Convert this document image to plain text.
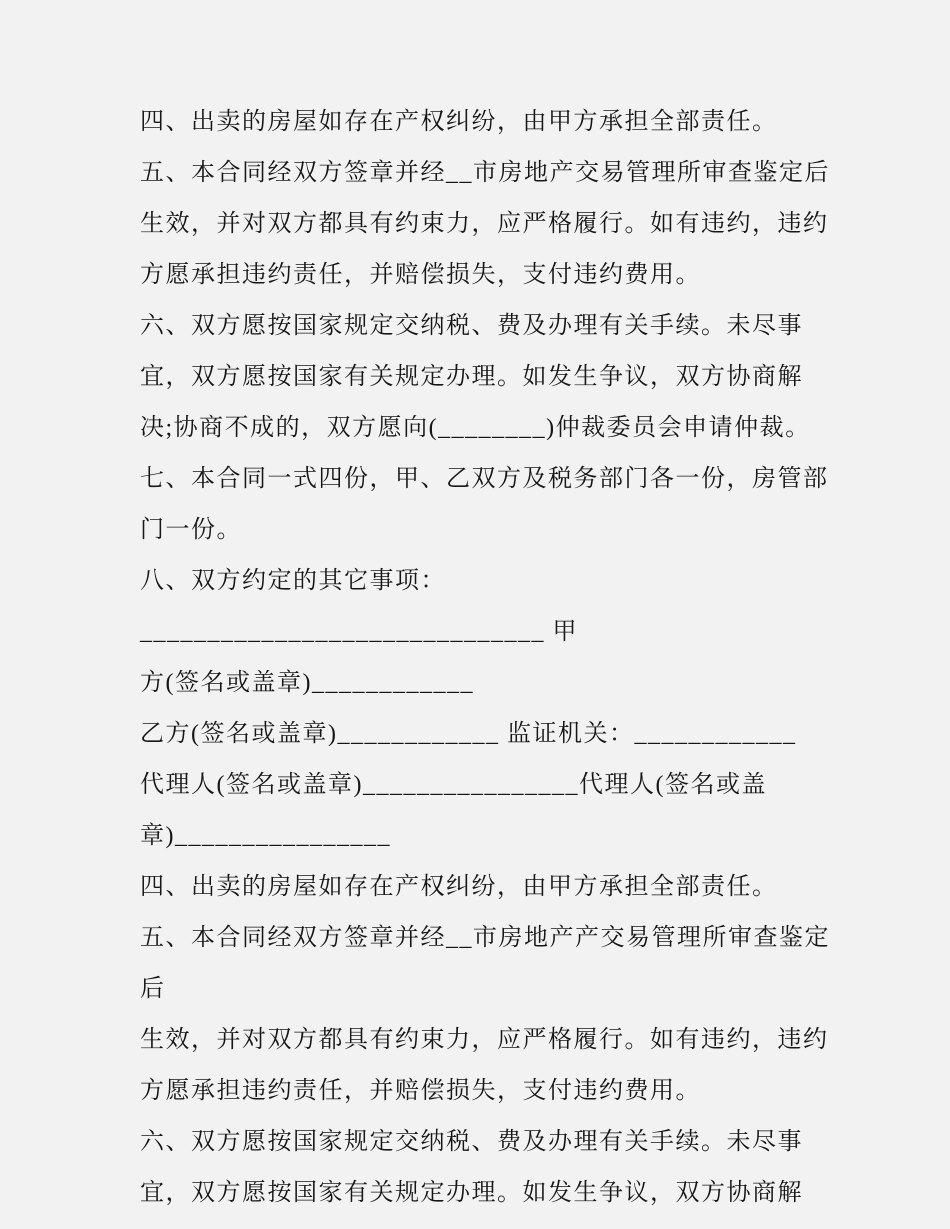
四、出卖的房屋如存在产权纠纷，由甲方承担全部责任。

五、本合同经双方签章并经__市房地产交易管理所审查鉴定后

生效，并对双方都具有约束力，应严格履行。如有违约，违约

方愿承担违约责任，并赔偿损失，支付违约费用。

六、双方愿按国家规定交纳税、费及办理有关手续。未尽事

宜，双方愿按国家有关规定办理。如发生争议，双方协商解

决;协商不成的，双方愿向(________)仲裁委员会申请仲裁。

七、本合同一式四份，甲、乙双方及税务部门各一份，房管部

门一份。

八、双方约定的其它事项：______________________________ 甲

方(签名或盖章)____________

乙方(签名或盖章)____________ 监证机关：____________

代理人(签名或盖章)________________代理人(签名或盖

章)________________

四、出卖的房屋如存在产权纠纷，由甲方承担全部责任。

五、本合同经双方签章并经__市房地产产交易管理所审查鉴定后

生效，并对双方都具有约束力，应严格履行。如有违约，违约

方愿承担违约责任，并赔偿损失，支付违约费用。

六、双方愿按国家规定交纳税、费及办理有关手续。未尽事

宜，双方愿按国家有关规定办理。如发生争议，双方协商解
